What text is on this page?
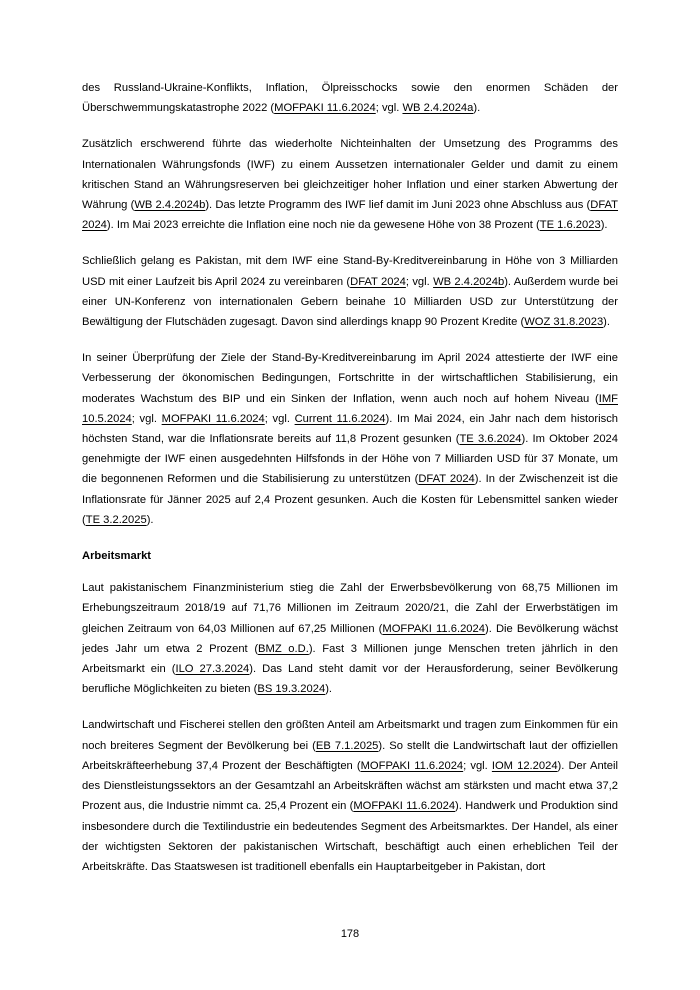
des Russland-Ukraine-Konflikts, Inflation, Ölpreisschocks sowie den enormen Schäden der Überschwemmungskatastrophe 2022 (MOFPAKI 11.6.2024; vgl. WB 2.4.2024a).

Zusätzlich erschwerend führte das wiederholte Nichteinhalten der Umsetzung des Programms des Internationalen Währungsfonds (IWF) zu einem Aussetzen internationaler Gelder und damit zu einem kritischen Stand an Währungsreserven bei gleichzeitiger hoher Inflation und einer starken Abwertung der Währung (WB 2.4.2024b). Das letzte Programm des IWF lief damit im Juni 2023 ohne Abschluss aus (DFAT 2024). Im Mai 2023 erreichte die Inflation eine noch nie da gewesene Höhe von 38 Prozent (TE 1.6.2023).

Schließlich gelang es Pakistan, mit dem IWF eine Stand-By-Kreditvereinbarung in Höhe von 3 Milliarden USD mit einer Laufzeit bis April 2024 zu vereinbaren (DFAT 2024; vgl. WB 2.4.2024b). Außerdem wurde bei einer UN-Konferenz von internationalen Gebern beinahe 10 Milliarden USD zur Unterstützung der Bewältigung der Flutschäden zugesagt. Davon sind allerdings knapp 90 Prozent Kredite (WOZ 31.8.2023).

In seiner Überprüfung der Ziele der Stand-By-Kreditvereinbarung im April 2024 attestierte der IWF eine Verbesserung der ökonomischen Bedingungen, Fortschritte in der wirtschaftlichen Stabilisierung, ein moderates Wachstum des BIP und ein Sinken der Inflation, wenn auch noch auf hohem Niveau (IMF 10.5.2024; vgl. MOFPAKI 11.6.2024; vgl. Current 11.6.2024). Im Mai 2024, ein Jahr nach dem historisch höchsten Stand, war die Inflationsrate bereits auf 11,8 Prozent gesunken (TE 3.6.2024). Im Oktober 2024 genehmigte der IWF einen ausgedehnten Hilfsfonds in der Höhe von 7 Milliarden USD für 37 Monate, um die begonnenen Reformen und die Stabilisierung zu unterstützen (DFAT 2024). In der Zwischenzeit ist die Inflationsrate für Jänner 2025 auf 2,4 Prozent gesunken. Auch die Kosten für Lebensmittel sanken wieder (TE 3.2.2025).

Arbeitsmarkt

Laut pakistanischem Finanzministerium stieg die Zahl der Erwerbsbevölkerung von 68,75 Millionen im Erhebungszeitraum 2018/19 auf 71,76 Millionen im Zeitraum 2020/21, die Zahl der Erwerbstätigen im gleichen Zeitraum von 64,03 Millionen auf 67,25 Millionen (MOFPAKI 11.6.2024). Die Bevölkerung wächst jedes Jahr um etwa 2 Prozent (BMZ o.D.). Fast 3 Millionen junge Menschen treten jährlich in den Arbeitsmarkt ein (ILO 27.3.2024). Das Land steht damit vor der Herausforderung, seiner Bevölkerung berufliche Möglichkeiten zu bieten (BS 19.3.2024).

Landwirtschaft und Fischerei stellen den größten Anteil am Arbeitsmarkt und tragen zum Einkommen für ein noch breiteres Segment der Bevölkerung bei (EB 7.1.2025). So stellt die Landwirtschaft laut der offiziellen Arbeitskräfteerhebung 37,4 Prozent der Beschäftigten (MOFPAKI 11.6.2024; vgl. IOM 12.2024). Der Anteil des Dienstleistungssektors an der Gesamtzahl an Arbeitskräften wächst am stärksten und macht etwa 37,2 Prozent aus, die Industrie nimmt ca. 25,4 Prozent ein (MOFPAKI 11.6.2024). Handwerk und Produktion sind insbesondere durch die Textilindustrie ein bedeutendes Segment des Arbeitsmarktes. Der Handel, als einer der wichtigsten Sektoren der pakistanischen Wirtschaft, beschäftigt auch einen erheblichen Teil der Arbeitskräfte. Das Staatswesen ist traditionell ebenfalls ein Hauptarbeitgeber in Pakistan, dort

178
